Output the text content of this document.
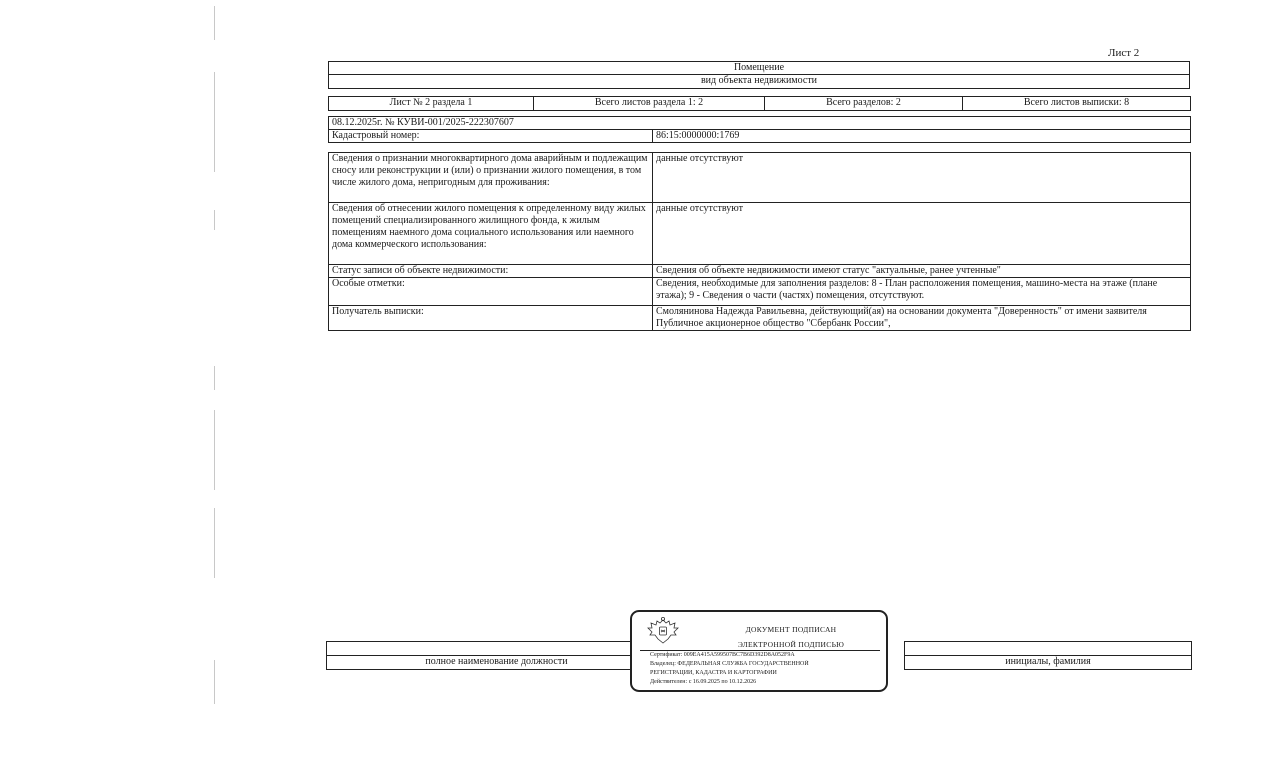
Лист 2
Помещение
вид объекта недвижимости
Лист № 2 раздела 1	Всего листов раздела 1: 2	Всего разделов: 2	Всего листов выписки: 8
08.12.2025г. № КУВИ-001/2025-222307607
Кадастровый номер:	86:15:0000000:1769
Сведения о признании многоквартирного дома аварийным и подлежащим сносу или реконструкции и (или) о признании жилого помещения, в том числе жилого дома, непригодным для проживания:	данные отсутствуют
Сведения об отнесении жилого помещения к определенному виду жилых помещений специализированного жилищного фонда, к жилым помещениям наемного дома социального использования или наемного дома коммерческого использования:	данные отсутствуют
Статус записи об объекте недвижимости:	Сведения об объекте недвижимости имеют статус "актуальные, ранее учтенные"
Особые отметки:	Сведения, необходимые для заполнения разделов: 8 - План расположения помещения, машино-места на этаже (плане этажа); 9 - Сведения о части (частях) помещения, отсутствуют.
Получатель выписки:	Смолянинова Надежда Равильевна, действующий(ая) на основании документа "Доверенность" от имени заявителя Публичное акционерное общество "Сбербанк России",

полное наименование должности		инициалы, фамилия
ДОКУМЕНТ ПОДПИСАН
ЭЛЕКТРОННОЙ ПОДПИСЬЮ
Сертификат: 009EA415A599507BC7B6D392D8A052F9A
Владелец: ФЕДЕРАЛЬНАЯ СЛУЖБА ГОСУДАРСТВЕННОЙ
РЕГИСТРАЦИИ, КАДАСТРА И КАРТОГРАФИИ
Действителен: с 16.09.2025 по 10.12.2026
